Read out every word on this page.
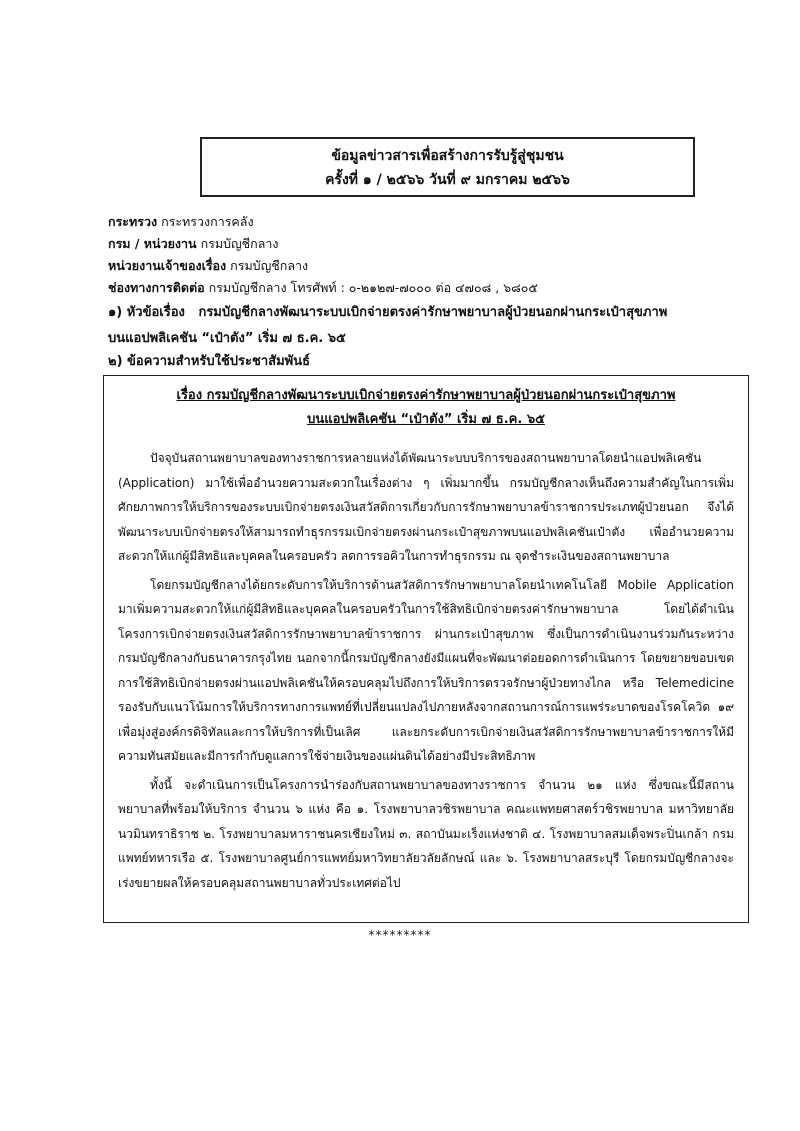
ข้อมูลข่าวสารเพื่อสร้างการรับรู้สู่ชุมชน
ครั้งที่ ๑ / ๒๕๖๖ วันที่ ๙ มกราคม ๒๕๖๖
กระทรวง กระทรวงการคลัง
กรม / หน่วยงาน กรมบัญชีกลาง
หน่วยงานเจ้าของเรื่อง กรมบัญชีกลาง
ช่องทางการติดต่อ กรมบัญชีกลาง โทรศัพท์ : ๐-๒๑๒๗-๗๐๐๐ ต่อ ๔๗๐๘ , ๖๘๐๕
๑) หัวข้อเรื่อง กรมบัญชีกลางพัฒนาระบบเบิกจ่ายตรงค่ารักษาพยาบาลผู้ป่วยนอกผ่านกระเป๋าสุขภาพ
บนแอปพลิเคชัน “เป๋าตัง” เริ่ม ๗ ธ.ค. ๖๕
๒) ข้อความสำหรับใช้ประชาสัมพันธ์
เรื่อง กรมบัญชีกลางพัฒนาระบบเบิกจ่ายตรงค่ารักษาพยาบาลผู้ป่วยนอกผ่านกระเป๋าสุขภาพ
บนแอปพลิเคชัน “เป๋าตัง” เริ่ม ๗ ธ.ค. ๖๕

ปัจจุบันสถานพยาบาลของทางราชการหลายแห่งได้พัฒนาระบบบริการของสถานพยาบาลโดยนำแอปพลิเคชัน (Application) มาใช้เพื่ออำนวยความสะดวกในเรื่องต่าง ๆ เพิ่มมากขึ้น กรมบัญชีกลางเห็นถึงความสำคัญในการเพิ่มศักยภาพการให้บริการของระบบเบิกจ่ายตรงเงินสวัสดิการเกี่ยวกับการรักษาพยาบาลข้าราชการประเภทผู้ป่วยนอก จึงได้พัฒนาระบบเบิกจ่ายตรงให้สามารถทำธุรกรรมเบิกจ่ายตรงผ่านกระเป๋าสุขภาพบนแอปพลิเคชันเป๋าตัง เพื่ออำนวยความสะดวกให้แก่ผู้มีสิทธิและบุคคลในครอบครัว ลดการรอคิวในการทำธุรกรรม ณ จุดชำระเงินของสถานพยาบาล

โดยกรมบัญชีกลางได้ยกระดับการให้บริการด้านสวัสดิการรักษาพยาบาลโดยนำเทคโนโลยี Mobile Application มาเพิ่มความสะดวกให้แก่ผู้มีสิทธิและบุคคลในครอบครัวในการใช้สิทธิเบิกจ่ายตรงค่ารักษาพยาบาล โดยได้ดำเนินโครงการเบิกจ่ายตรงเงินสวัสดิการรักษาพยาบาลข้าราชการ ผ่านกระเป๋าสุขภาพ ซึ่งเป็นการดำเนินงานร่วมกันระหว่างกรมบัญชีกลางกับธนาคารกรุงไทย นอกจากนี้กรมบัญชีกลางยังมีแผนที่จะพัฒนาต่อยอดการดำเนินการ โดยขยายขอบเขตการใช้สิทธิเบิกจ่ายตรงผ่านแอปพลิเคชันให้ครอบคลุมไปถึงการให้บริการตรวจรักษาผู้ป่วยทางไกล หรือ Telemedicine รองรับกับแนวโน้มการให้บริการทางการแพทย์ที่เปลี่ยนแปลงไปภายหลังจากสถานการณ์การแพร่ระบาดของโรคโควิด ๑๙ เพื่อมุ่งสู่องค์กรดิจิทัลและการให้บริการที่เป็นเลิศ และยกระดับการเบิกจ่ายเงินสวัสดิการรักษาพยาบาลข้าราชการให้มีความทันสมัยและมีการกำกับดูแลการใช้จ่ายเงินของแผ่นดินได้อย่างมีประสิทธิภาพ

ทั้งนี้ จะดำเนินการเป็นโครงการนำร่องกับสถานพยาบาลของทางราชการ จำนวน ๒๑ แห่ง ซึ่งขณะนี้มีสถานพยาบาลที่พร้อมให้บริการ จำนวน ๖ แห่ง คือ ๑. โรงพยาบาลวชิรพยาบาล คณะแพทยศาสตร์วชิรพยาบาล มหาวิทยาลัยนวมินทราธิราช ๒. โรงพยาบาลมหาราชนครเชียงใหม่ ๓. สถาบันมะเร็งแห่งชาติ ๔. โรงพยาบาลสมเด็จพระปิ่นเกล้า กรมแพทย์ทหารเรือ ๕. โรงพยาบาลศูนย์การแพทย์มหาวิทยาลัยวลัยลักษณ์ และ ๖. โรงพยาบาลสระบุรี โดยกรมบัญชีกลางจะเร่งขยายผลให้ครอบคลุมสถานพยาบาลทั่วประเทศต่อไป

*********
